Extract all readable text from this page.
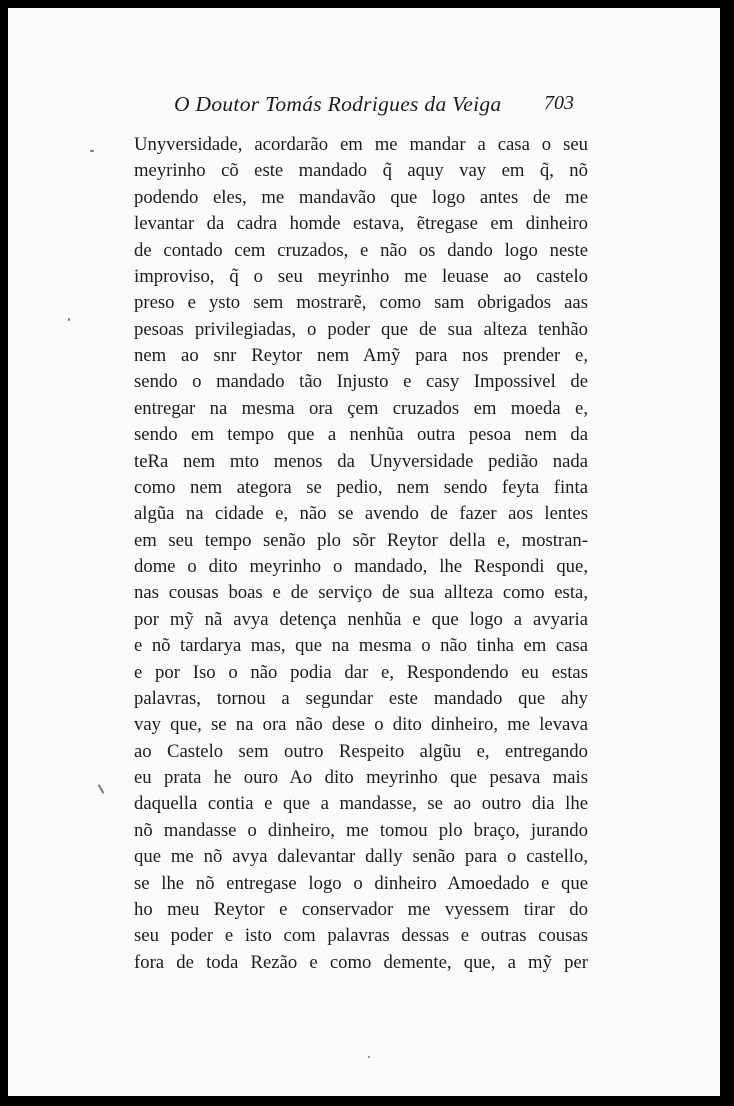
O Doutor Tomás Rodrigues da Veiga 703
Unyversidade, acordarão em me mandar a casa o seu
meyrinho cõ este mandado q̃ aquy vay em q̃, nõ
podendo eles, me mandavão que logo antes de me
levantar da cadra homde estava, ẽtregase em dinheiro
de contado cem cruzados, e não os dando logo neste
improviso, q̃ o seu meyrinho me leuase ao castelo
preso e ysto sem mostrarẽ, como sam obrigados aas
pesoas privilegiadas, o poder que de sua alteza tenhão
nem ao snr Reytor nem Amỹ para nos prender e,
sendo o mandado tão Injusto e casy Impossivel de
entregar na mesma ora çem cruzados em moeda e,
sendo em tempo que a nenhũa outra pesoa nem da
teRa nem mto menos da Unyversidade pedião nada
como nem ategora se pedio, nem sendo feyta finta
algũa na cidade e, não se avendo de fazer aos lentes
em seu tempo senão plo sõr Reytor della e, mostran-
dome o dito meyrinho o mandado, lhe Respondi que,
nas cousas boas e de serviço de sua allteza como esta,
por mỹ nã avya detença nenhũa e que logo a avyaria
e nõ tardarya mas, que na mesma o não tinha em casa
e por Iso o não podia dar e, Respondendo eu estas
palavras, tornou a segundar este mandado que ahy
vay que, se na ora não dese o dito dinheiro, me levava
ao Castelo sem outro Respeito algũu e, entregando
eu prata he ouro Ao dito meyrinho que pesava mais
daquella contia e que a mandasse, se ao outro dia lhe
nõ mandasse o dinheiro, me tomou plo braço, jurando
que me nõ avya dalevantar dally senão para o castello,
se lhe nõ entregase logo o dinheiro Amoedado e que
ho meu Reytor e conservador me vyessem tirar do
seu poder e isto com palavras dessas e outras cousas
fora de toda Rezão e como demente, que, a mỹ per
